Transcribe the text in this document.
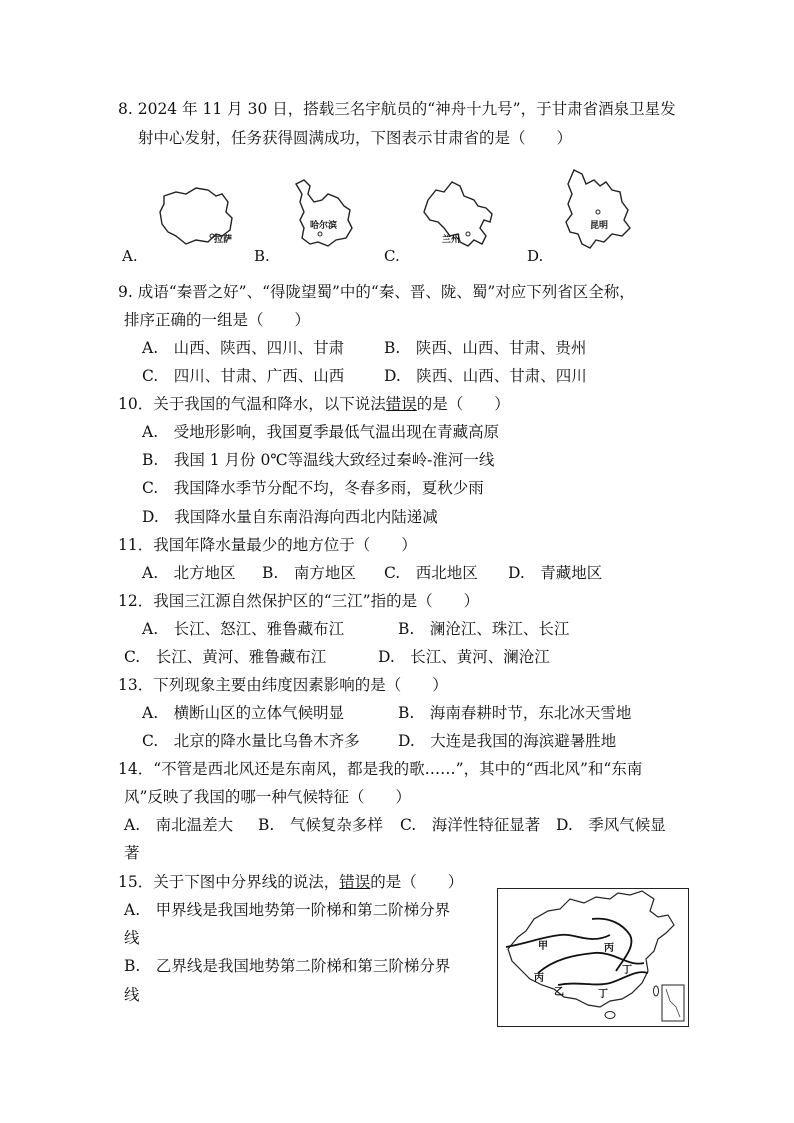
8. 2024 年 11 月 30 日，搭载三名宇航员的“神舟十九号”，于甘肃省酒泉卫星发
射中心发射，任务获得圆满成功，下图表示甘肃省的是（　　）
A.	B.	C.	D.
拉萨
哈尔滨
兰州
昆明
9. 成语“秦晋之好”、“得陇望蜀”中的“秦、晋、陇、蜀”对应下列省区全称，
排序正确的一组是（　　）
A.　山西、陕西、四川、甘肃	B.　陕西、山西、甘肃、贵州
C.　四川、甘肃、广西、山西	D.　陕西、山西、甘肃、四川
10．关于我国的气温和降水，以下说法错误的是（　　）
A.　受地形影响，我国夏季最低气温出现在青藏高原
B.　我国 1 月份 0℃等温线大致经过秦岭-淮河一线
C.　我国降水季节分配不均，冬春多雨，夏秋少雨
D.　我国降水量自东南沿海向西北内陆递减
11．我国年降水量最少的地方位于（　　）
A.　北方地区 B.　南方地区 C.　西北地区 D.　青藏地区
12．我国三江源自然保护区的“三江”指的是（　　）
A.　长江、怒江、雅鲁藏布江	B.　澜沧江、珠江、长江
C.　长江、黄河、雅鲁藏布江	D.　长江、黄河、澜沧江
13．下列现象主要由纬度因素影响的是（　　）
A.　横断山区的立体气候明显	B.　海南春耕时节，东北冰天雪地
C.　北京的降水量比乌鲁木齐多 D.　大连是我国的海滨避暑胜地
14．“不管是西北风还是东南风，都是我的歌……”，其中的“西北风”和“东南
风”反映了我国的哪一种气候特征（　　）
A.　南北温差大 B.　气候复杂多样 C.　海洋性特征显著 D.　季风气候显
著
15．关于下图中分界线的说法，错误的是（　　）
A.　甲界线是我国地势第一阶梯和第二阶梯分界
线
B.　乙界线是我国地势第二阶梯和第三阶梯分界
线
甲	丙
丙
乙
丁
丁
